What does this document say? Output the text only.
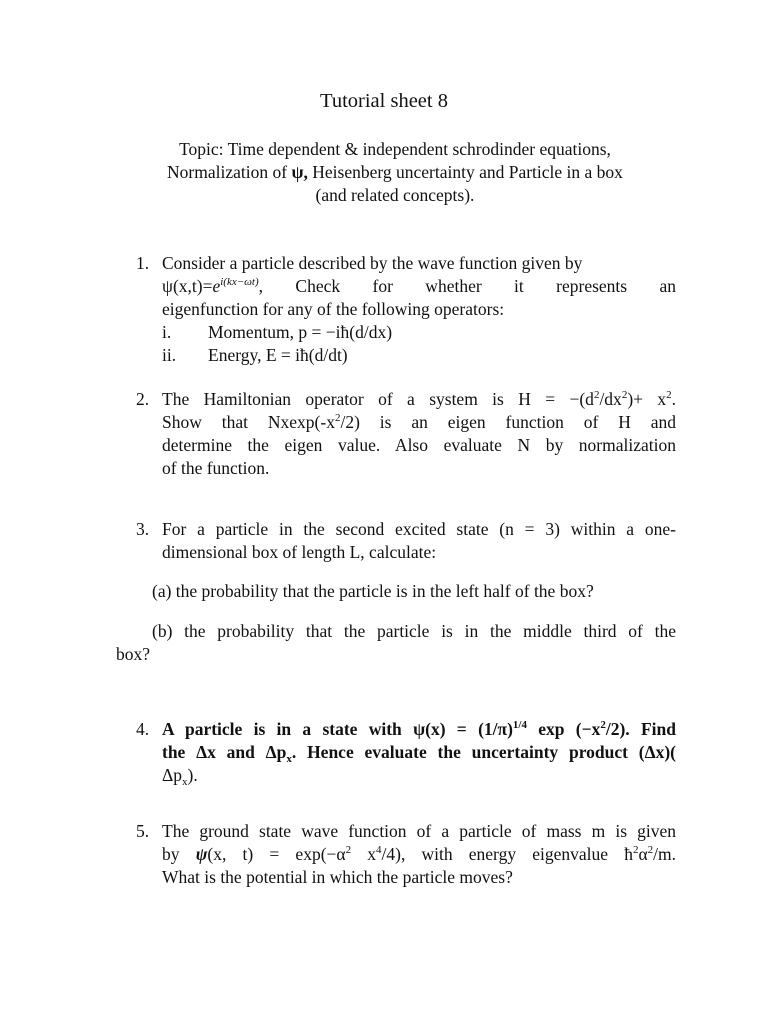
Tutorial sheet 8
Topic: Time dependent & independent schrodinder equations,
Normalization of ψ, Heisenberg uncertainty and Particle in a box
(and related concepts).
1. Consider a particle described by the wave function given by

$\psi(x,t)=e^{i(kx-\omega t)}$, Check for whether it represents an

eigenfunction for any of the following operators:

i.	Momentum, p = −iħ(d/dx)
ii.	Energy, E = iħ(d/dt)
2. The Hamiltonian operator of a system is $H = -(d^2/dx^2)+ x^2$.

Show that $Nxexp(-x^2/2)$ is an eigen function of H and

determine the eigen value. Also evaluate N by normalization

of the function.

3. For a particle in the second excited state (n = 3) within a one-

dimensional box of length L, calculate:

(a) the probability that the particle is in the left half of the box?
(b) the probability that the particle is in the middle third of the
box?
4. A particle is in a state with $\psi(x) = (1/\pi)^{1/4}$ $\exp (-x^2/2)$. Find

the Δx and $\Delta p_x$. Hence evaluate the uncertainty product (Δx)(

$\Delta p_x$).

5. The ground state wave function of a particle of mass m is given

by ψ(x, $t) = \exp(-\alpha^2$ $x^4/4$), with energy eigenvalue $ħ^2\alpha^2/m$.

What is the potential in which the particle moves?
